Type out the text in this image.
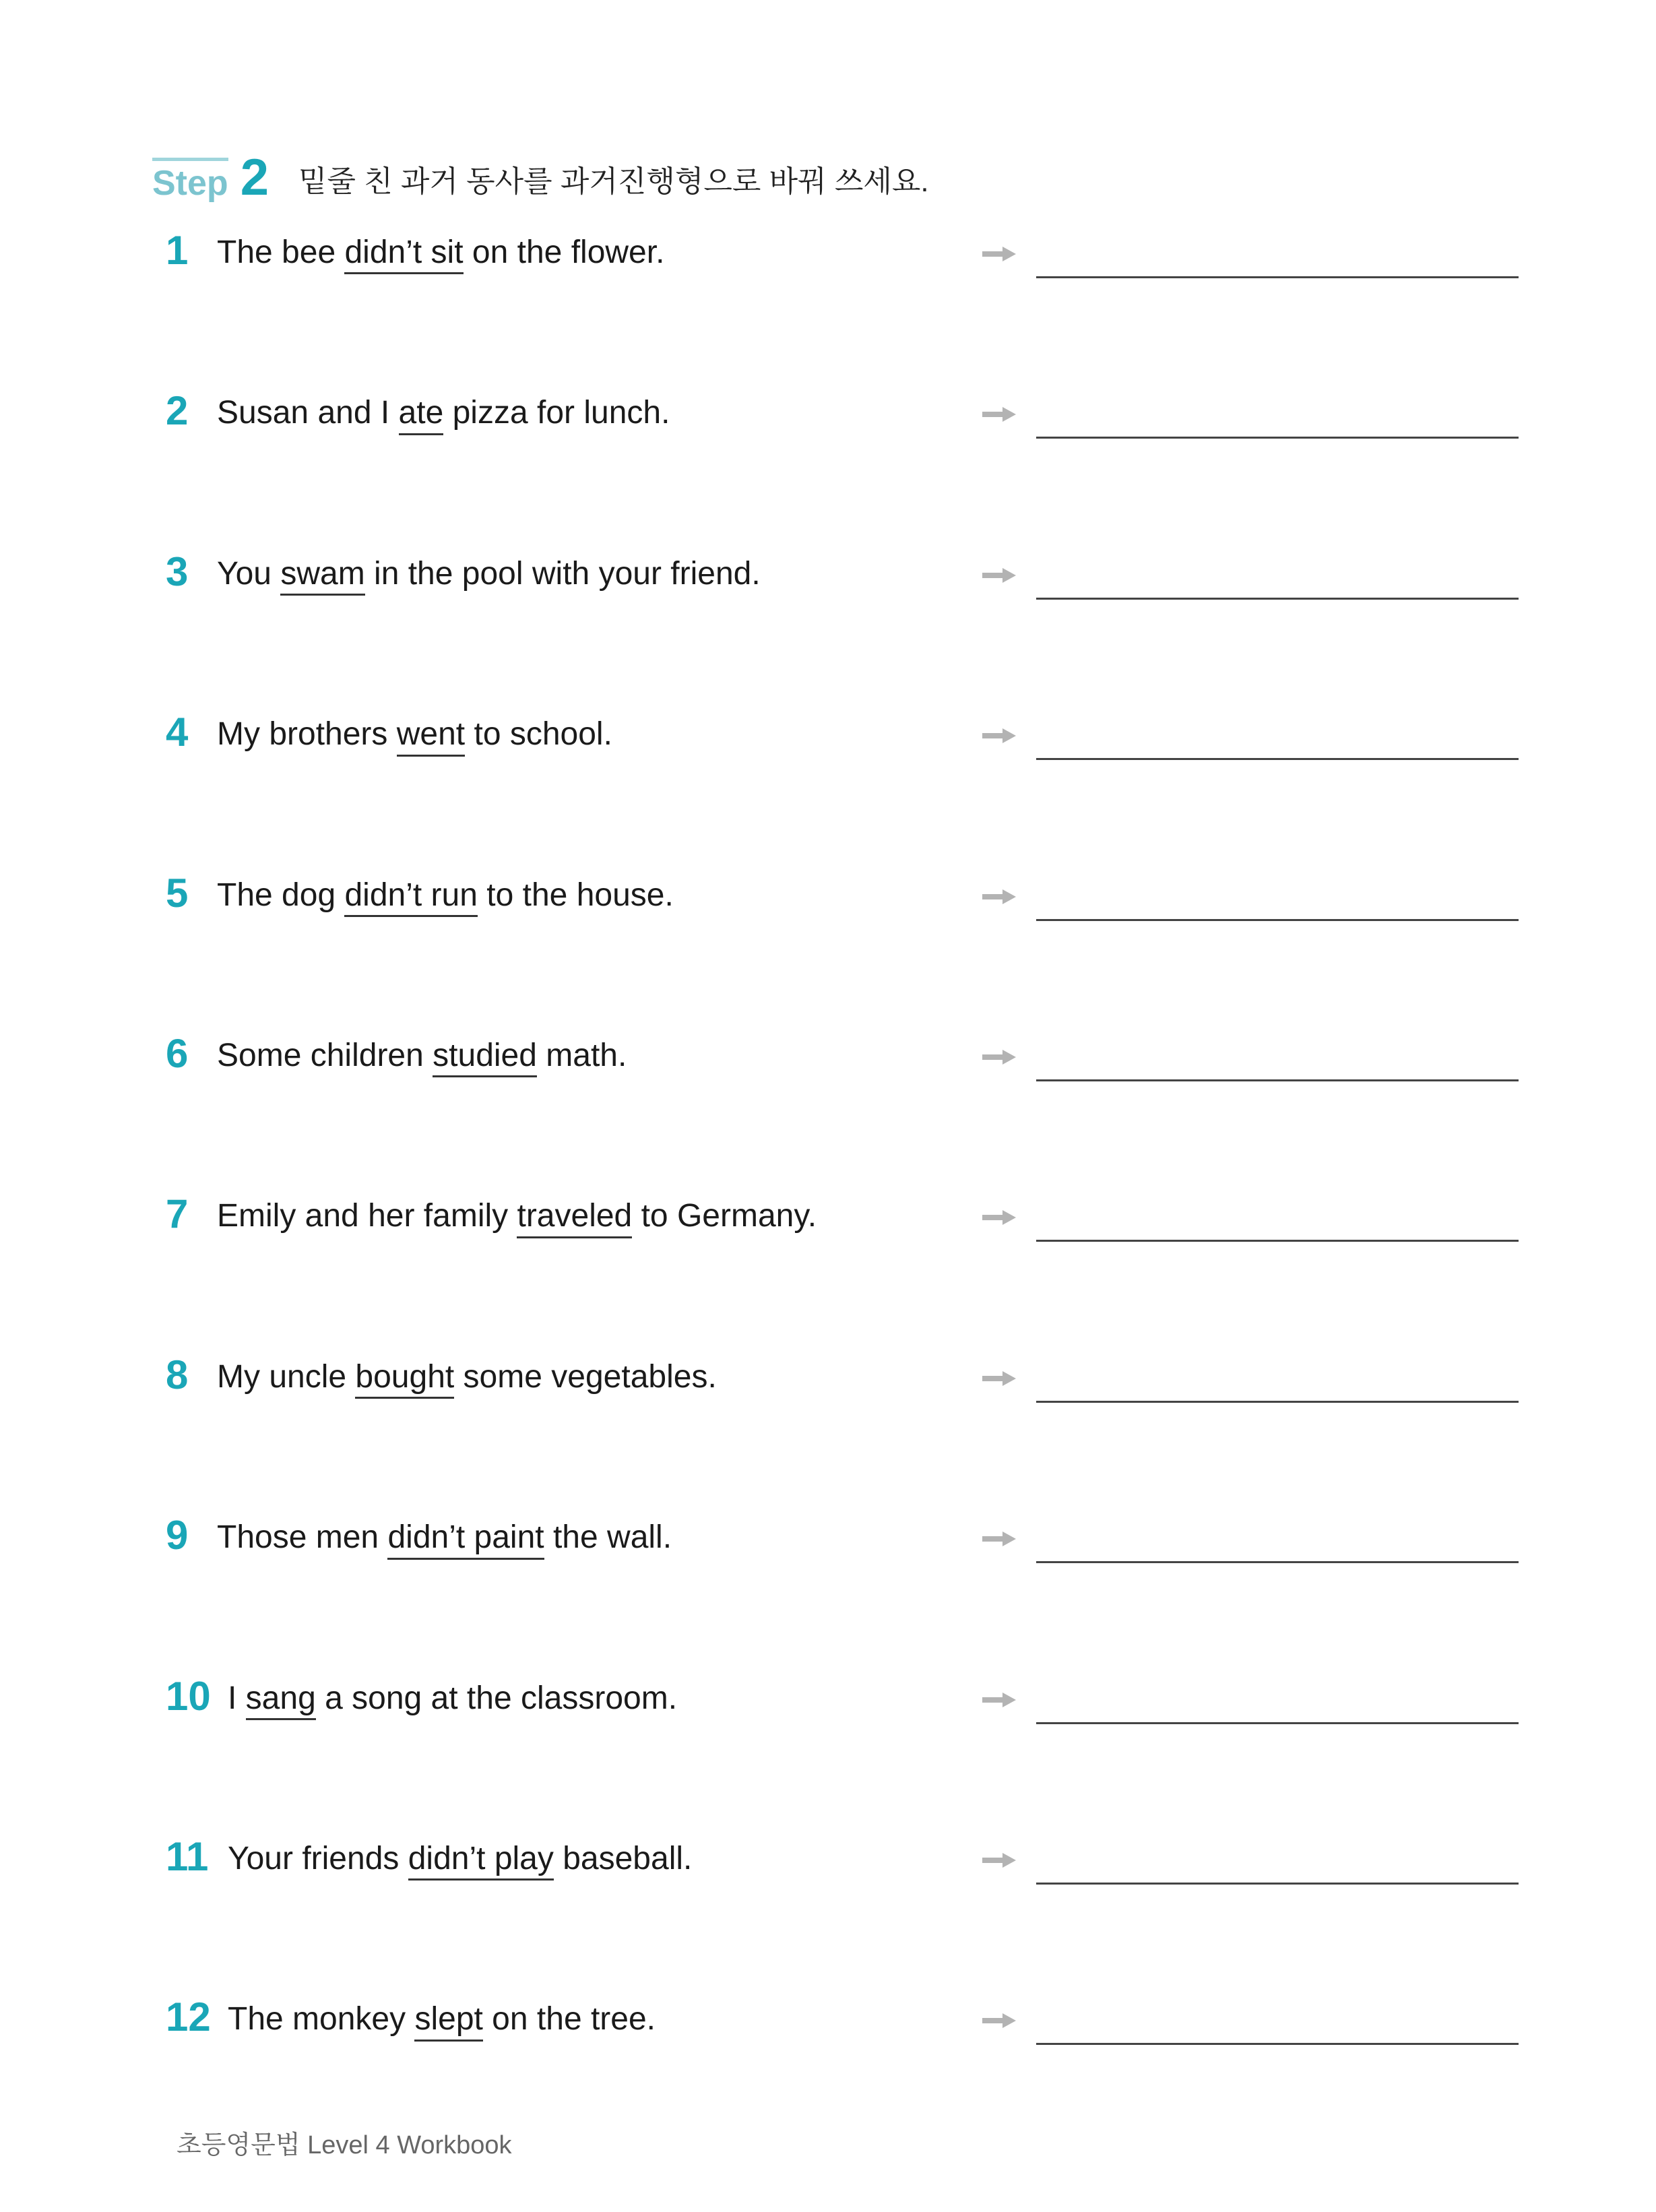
Step 2 밑줄 친 과거 동사를 과거진행형으로 바꿔 쓰세요.
1 The bee didn’t sit on the flower.
2 Susan and I ate pizza for lunch.
3 You swam in the pool with your friend.
4 My brothers went to school.
5 The dog didn’t run to the house.
6 Some children studied math.
7 Emily and her family traveled to Germany.
8 My uncle bought some vegetables.
9 Those men didn’t paint the wall.
10 I sang a song at the classroom.
11 Your friends didn’t play baseball.
12 The monkey slept on the tree.
초등영문법 Level 4 Workbook
